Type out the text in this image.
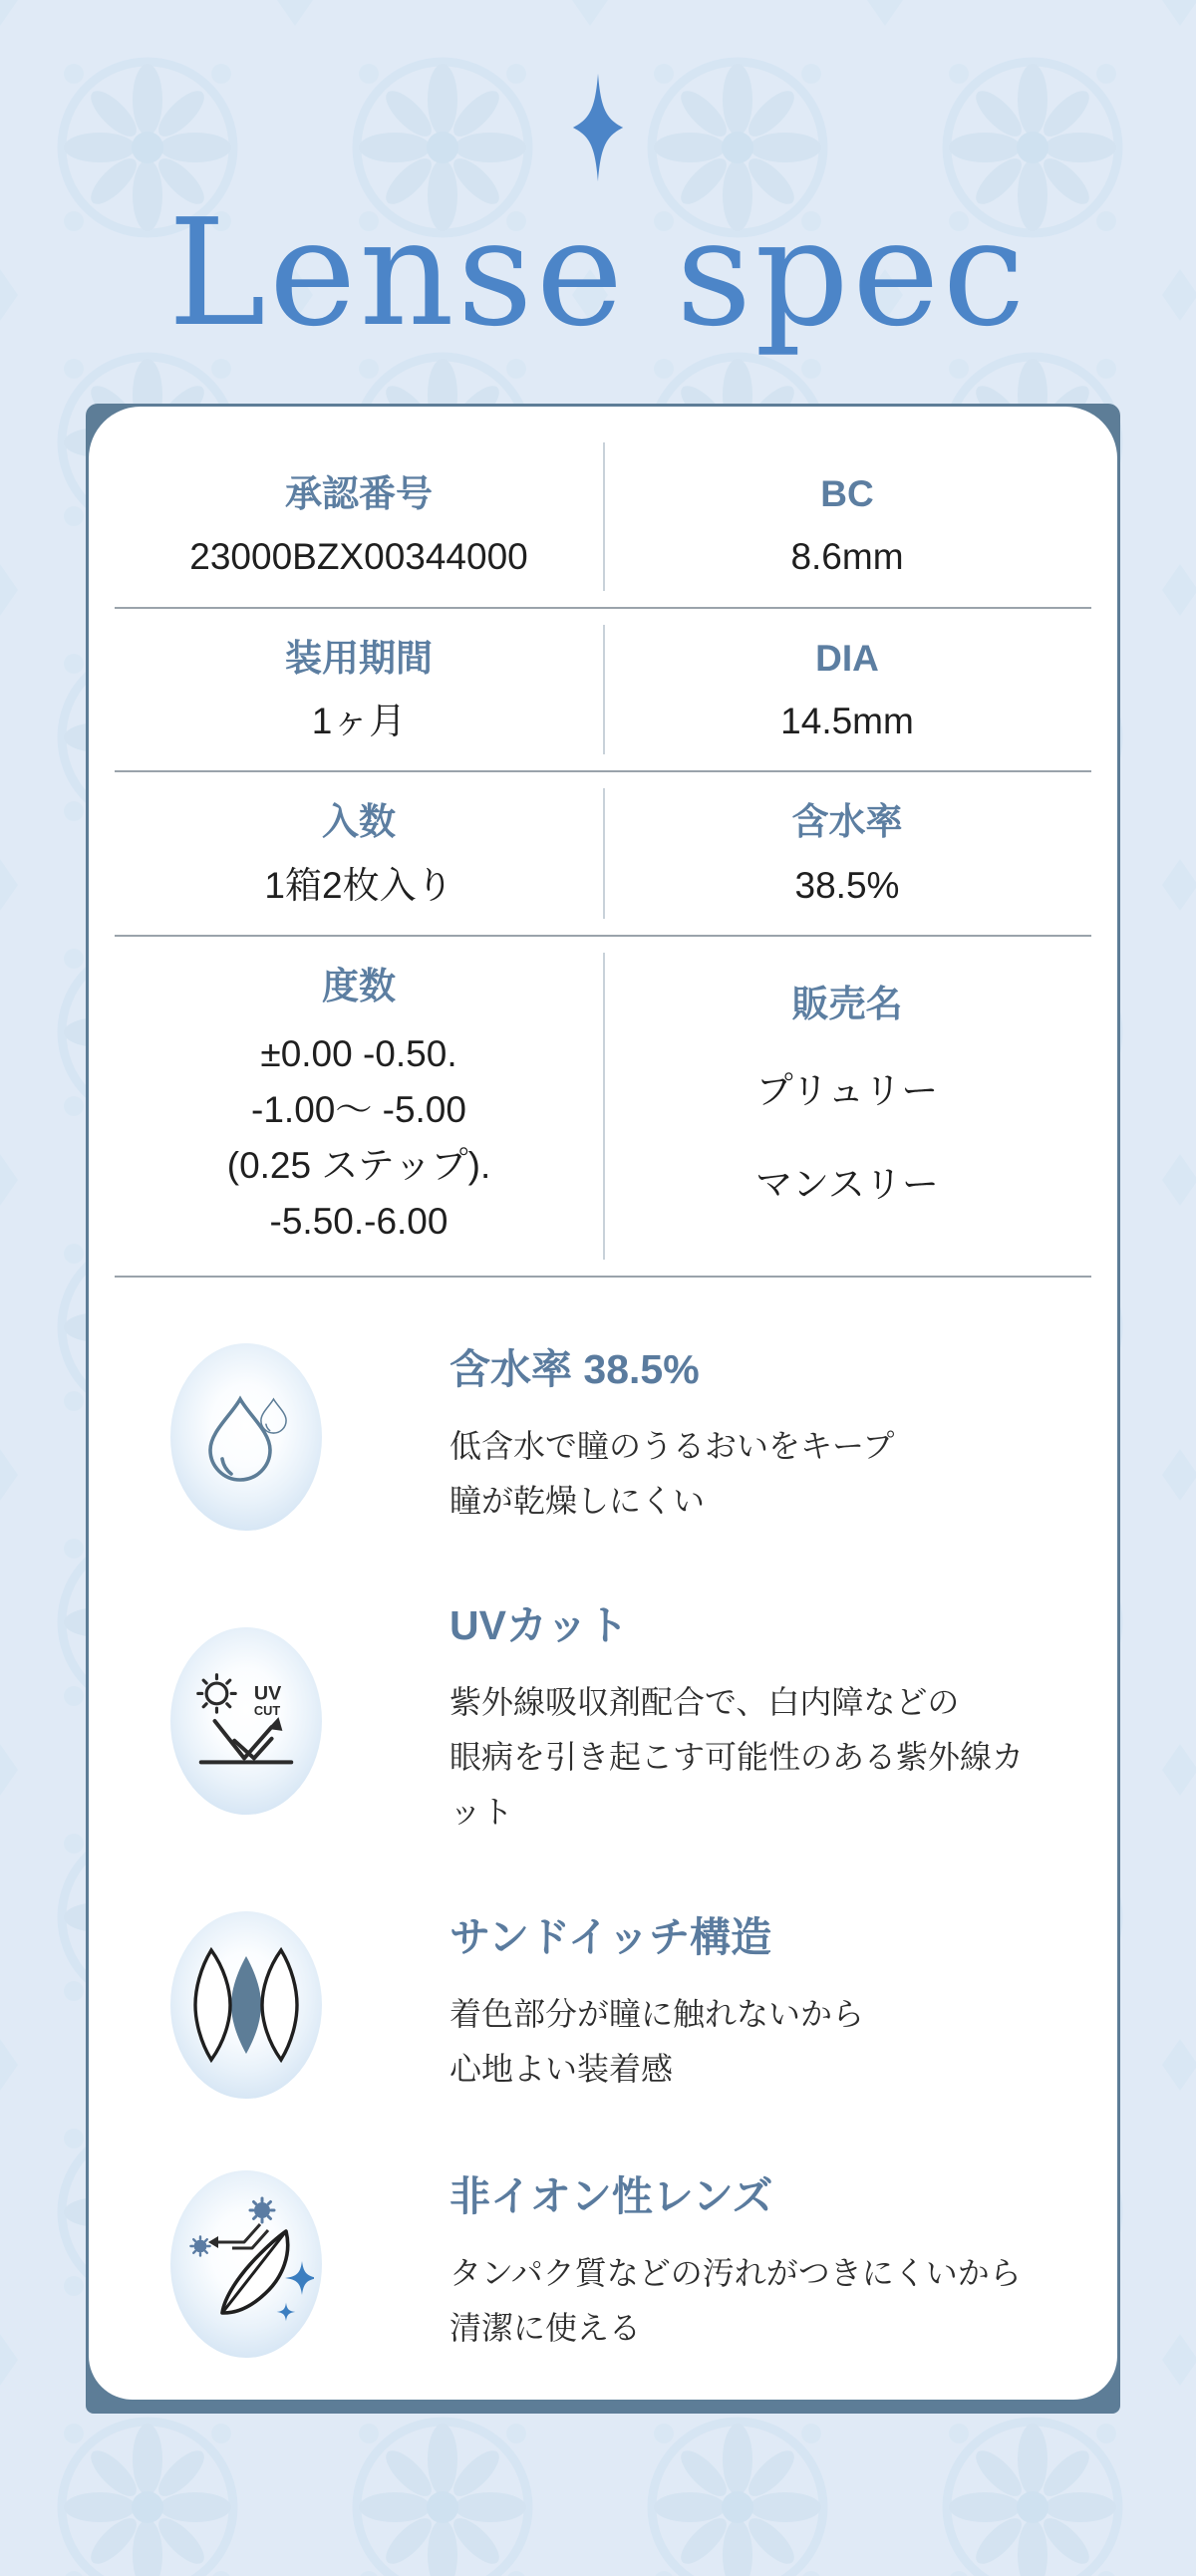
Lense spec
承認番号
23000BZX00344000
BC
8.6mm
装用期間
1ヶ月
DIA
14.5mm
入数
1箱2枚入り
含水率
38.5%
度数
±0.00 -0.50.
-1.00〜 -5.00
(0.25 ステップ).
-5.50.-6.00
販売名
プリュリー
マンスリー
含水率 38.5%

低含水で瞳のうるおいをキープ
瞳が乾燥しにくい

UV
CUT
UVカット

紫外線吸収剤配合で、白内障などの
眼病を引き起こす可能性のある紫外線カット

サンドイッチ構造

着色部分が瞳に触れないから
心地よい装着感

非イオン性レンズ

タンパク質などの汚れがつきにくいから
清潔に使える
